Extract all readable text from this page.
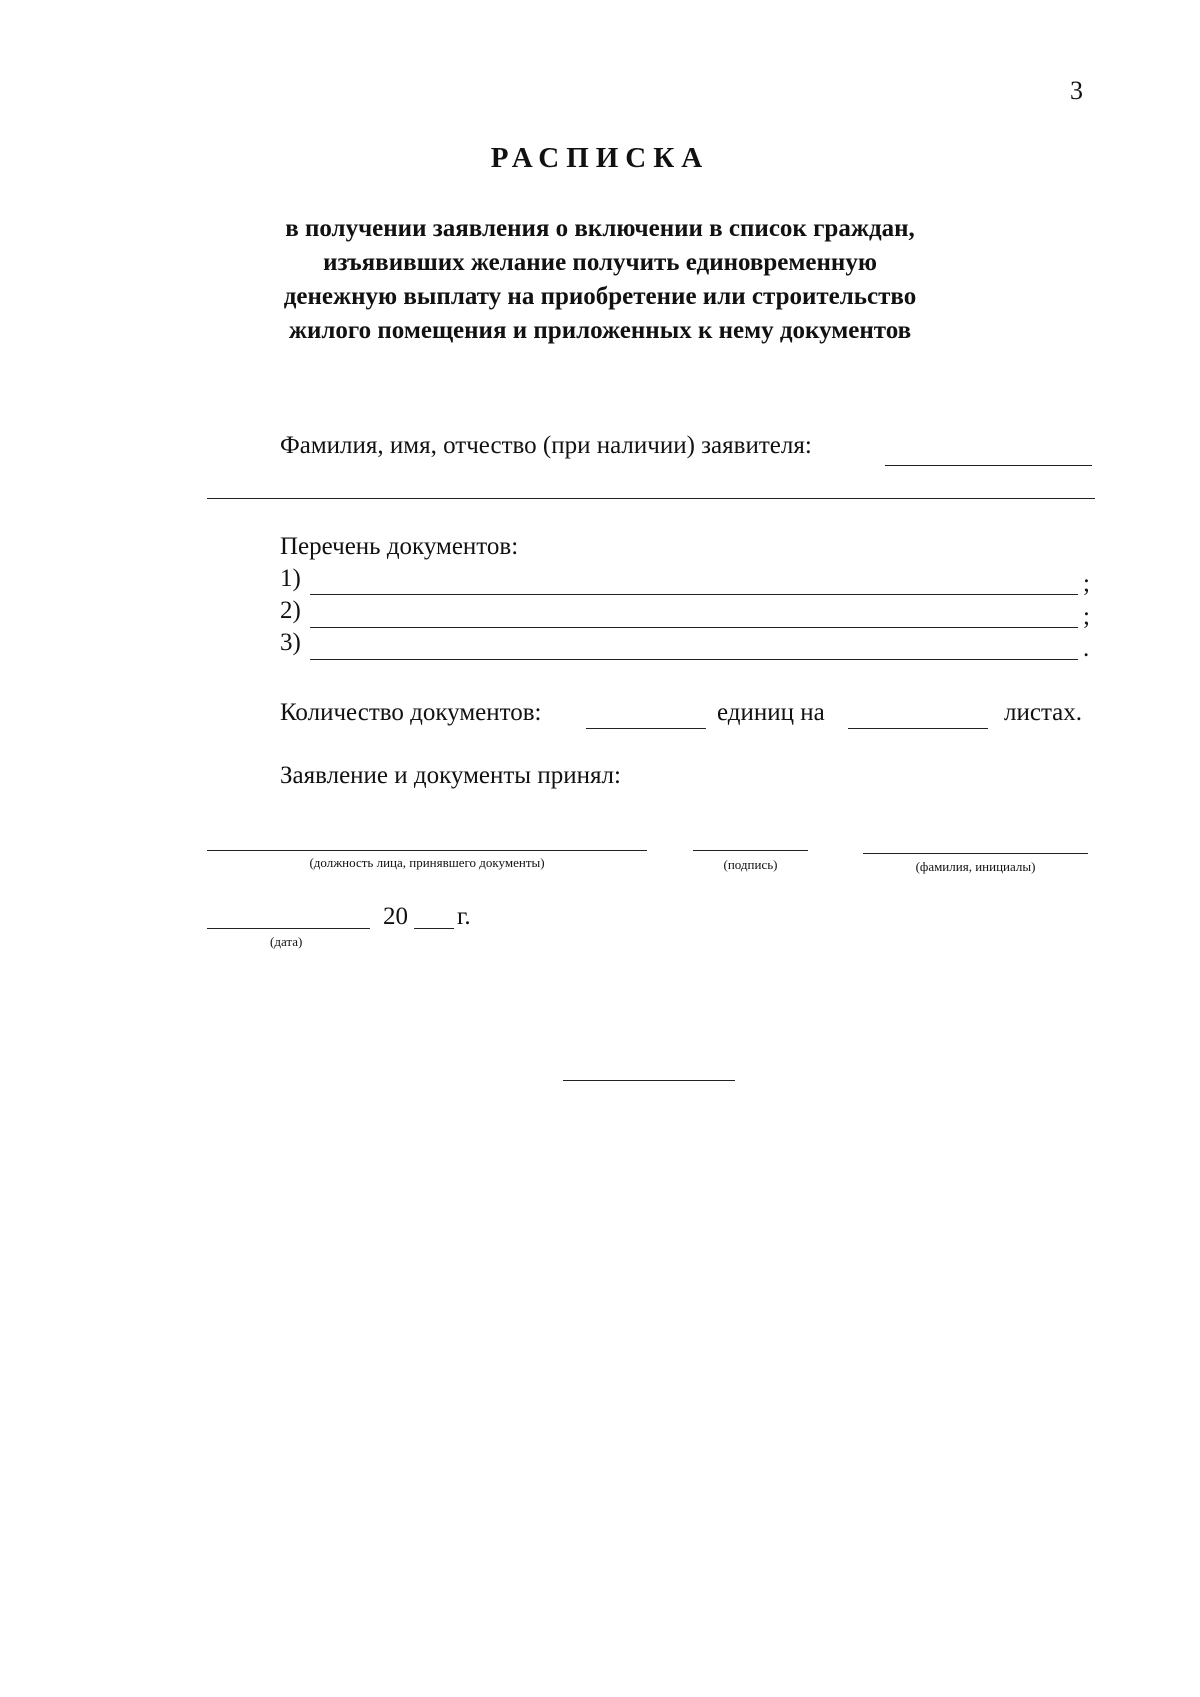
3
РАСПИСКА
в получении заявления о включении в список граждан,
изъявивших желание получить единовременную
денежную выплату на приобретение или строительство
жилого помещения и приложенных к нему документов
Фамилия, имя, отчество (при наличии) заявителя:
Перечень документов:
1)	;
2)	;
3)	.
Количество документов:	единиц на	листах.
Заявление и документы принял:
(должность лица, принявшего документы)	(подпись)	(фамилия, инициалы)
20 г.
(дата)
